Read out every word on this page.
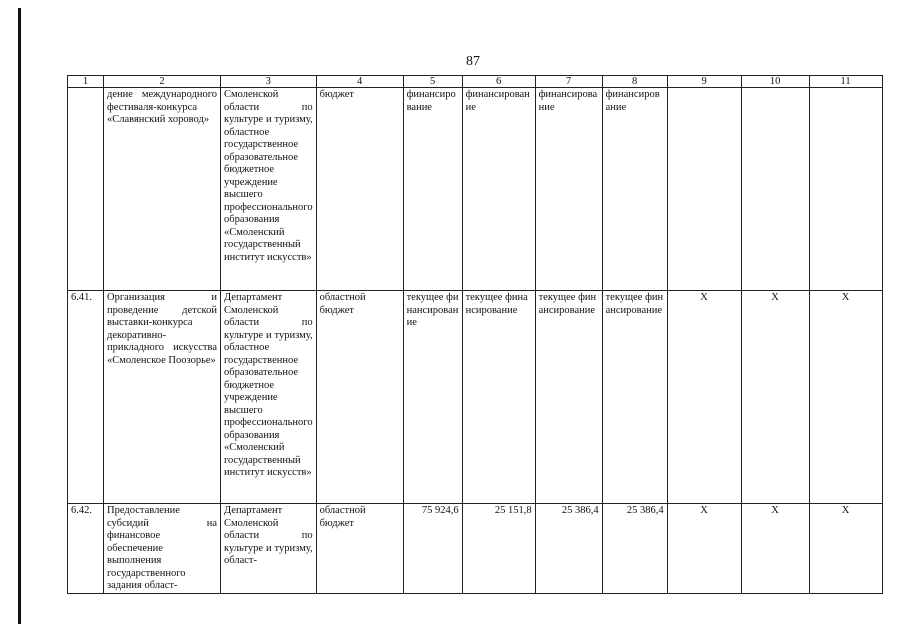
87
1	2	3	4	5	6	7	8	9	10	11
	дение международного фестиваля-конкурса «Славянский хоровод»	Смоленской области по культуре и туризму, областное государственное образовательное бюджетное учреждение высшего профессионального образования «Смоленский государственный институт искусств»	бюджет	финансирование	финансирование	финансирование	финансирование			
6.41.	Организация и проведение детской выставки-конкурса декоративно-прикладного искусства «Смоленское Поозорье»	Департамент Смоленской области по культуре и туризму, областное государственное образовательное бюджетное учреждение высшего профессионального образования «Смоленский государственный институт искусств»	областной бюджет	текущее финансирование	текущее финансирование	текущее финансирование	текущее финансирование	X	X	X
6.42.	Предоставление субсидий на финансовое обеспечение выполнения государственного задания област-	Департамент Смоленской области по культуре и туризму, област-	областной бюджет	75 924,6	25 151,8	25 386,4	25 386,4	X	X	X
